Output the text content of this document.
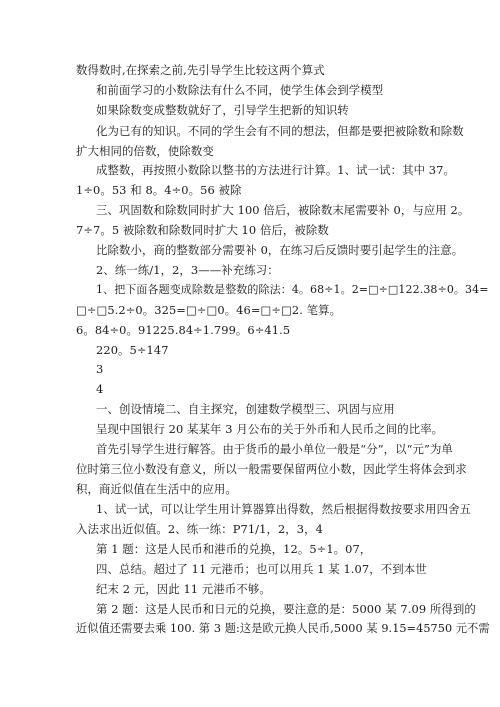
数得数时,在探索之前,先引导学生比较这两个算式
和前面学习的小数除法有什么不同，使学生体会到学模型
如果除数变成整数就好了，引导学生把新的知识转
化为已有的知识。不同的学生会有不同的想法，但都是要把被除数和除数
扩大相同的倍数，使除数变
成整数，再按照小数除以整书的方法进行计算。1、试一试：其中 37。
1÷0。53 和 8。4÷0。56 被除
三、巩固数和除数同时扩大 100 倍后，被除数末尾需要补 0，与应用 2。
7÷7。5 被除数和除数同时扩大 10 倍后，被除数
比除数小，商的整数部分需要补 0，在练习后反馈时要引起学生的注意。
2、练一练/1，2，3——补充练习：
1、把下面各题变成除数是整数的除法：4。68÷1。2=□÷□122.38÷0。34=
□÷□5.2÷0。325=□÷□0。46=□÷□2. 笔算。
6。84÷0。91225.84÷1.799。6÷41.5
220。5÷147
3
4
一、创设情境二、自主探究，创建数学模型三、巩固与应用
呈现中国银行 20 某某年 3 月公布的关于外币和人民币之间的比率。
首先引导学生进行解答。由于货币的最小单位一般是“分”，以“元”为单
位时第三位小数没有意义，所以一般需要保留两位小数，因此学生将体会到求
积，商近似值在生活中的应用。
1、试一试，可以让学生用计算器算出得数，然后根据得数按要求用四舍五
入法求出近似值。2、练一练：P71/1，2，3，4
第 1 题：这是人民币和港币的兑换，12。5÷1。07，
四、总结。超过了 11 元港币；也可以用兵 1 某 1.07，不到本世
纪末 2 元，因此 11 元港币不够。
第 2 题：这是人民币和日元的兑换，要注意的是：5000 某 7.09 所得到的
近似值还需要去乘 100. 第 3 题:这是欧元换人民币,5000 某 9.15=45750 元不需
